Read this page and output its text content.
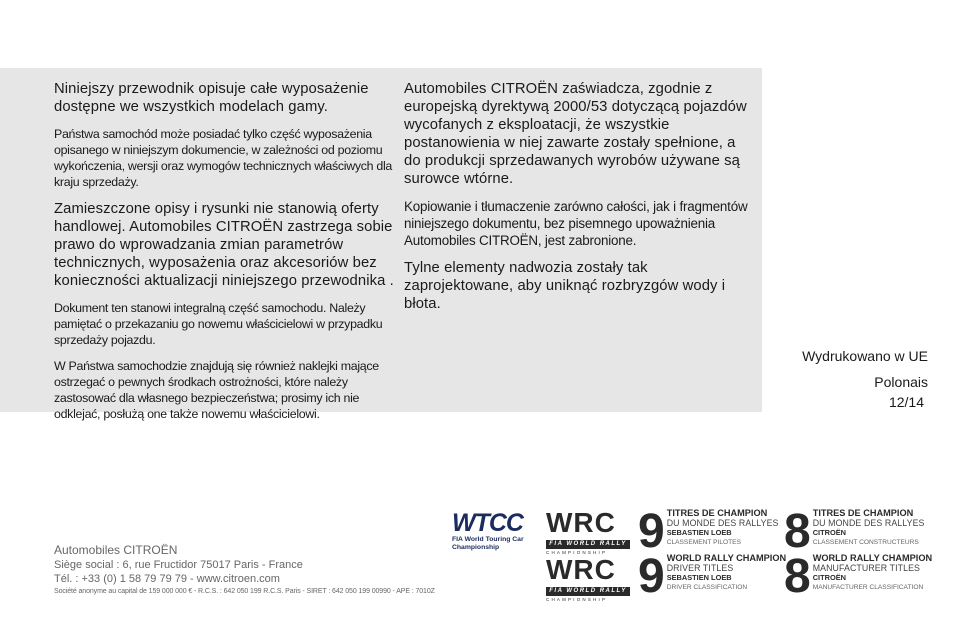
Niniejszy przewodnik opisuje całe wyposażenie dostępne we wszystkich modelach gamy.

Państwa samochód może posiadać tylko część wyposażenia opisanego w niniejszym dokumencie, w zależności od poziomu wykończenia, wersji oraz wymogów technicznych właściwych dla kraju sprzedaży.

Zamieszczone opisy i rysunki nie stanowią oferty handlowej. Automobiles CITROËN zastrzega sobie prawo do wprowadzania zmian parametrów technicznych, wyposażenia oraz akcesoriów bez konieczności aktualizacji niniejszego przewodnika .

Dokument ten stanowi integralną część samochodu. Należy pamiętać o przekazaniu go nowemu właścicielowi w przypadku sprzedaży pojazdu.

W Państwa samochodzie znajdują się również naklejki mające ostrzegać o pewnych środkach ostrożności, które należy zastosować dla własnego bezpieczeństwa; prosimy ich nie odklejać, posłużą one także nowemu właścicielowi.

Automobiles CITROËN zaświadcza, zgodnie z europejską dyrektywą 2000/53 dotyczącą pojazdów wycofanych z eksploatacji, że wszystkie postanowienia w niej zawarte zostały spełnione, a do produkcji sprzedawanych wyrobów używane są surowce wtórne.

Kopiowanie i tłumaczenie zarówno całości, jak i fragmentów niniejszego dokumentu, bez pisemnego upoważnienia Automobiles CITROËN, jest zabronione.

Tylne elementy nadwozia zostały tak zaprojektowane, aby uniknąć rozbryzgów wody i błota.

Wydrukowano w UE
Polonais
12/14
Automobiles CITROËN
Siège social : 6, rue Fructidor 75017 Paris - France
Tél. : +33 (0) 1 58 79 79 79 - www.citroen.com
Société anonyme au capital de 159 000 000 € - R.C.S. : 642 050 199 R.C.S. Paris - SIRET : 642 050 199 00990 - APE : 7010Z
WTCC
FIA World Touring Car
Championship
WRC
FIA WORLD RALLY
CHAMPIONSHIP
WRC
FIA WORLD RALLY
CHAMPIONSHIP
9 TITRES DE CHAMPION
DU MONDE DES RALLYES
SEBASTIEN LOEB
CLASSEMENT PILOTES 8 TITRES DE CHAMPION
DU MONDE DES RALLYES
CITROËN
CLASSEMENT CONSTRUCTEURS
9 WORLD RALLY CHAMPION
DRIVER TITLES
SEBASTIEN LOEB
DRIVER CLASSIFICATION 8 WORLD RALLY CHAMPION
MANUFACTURER TITLES
CITROËN
MANUFACTURER CLASSIFICATION
